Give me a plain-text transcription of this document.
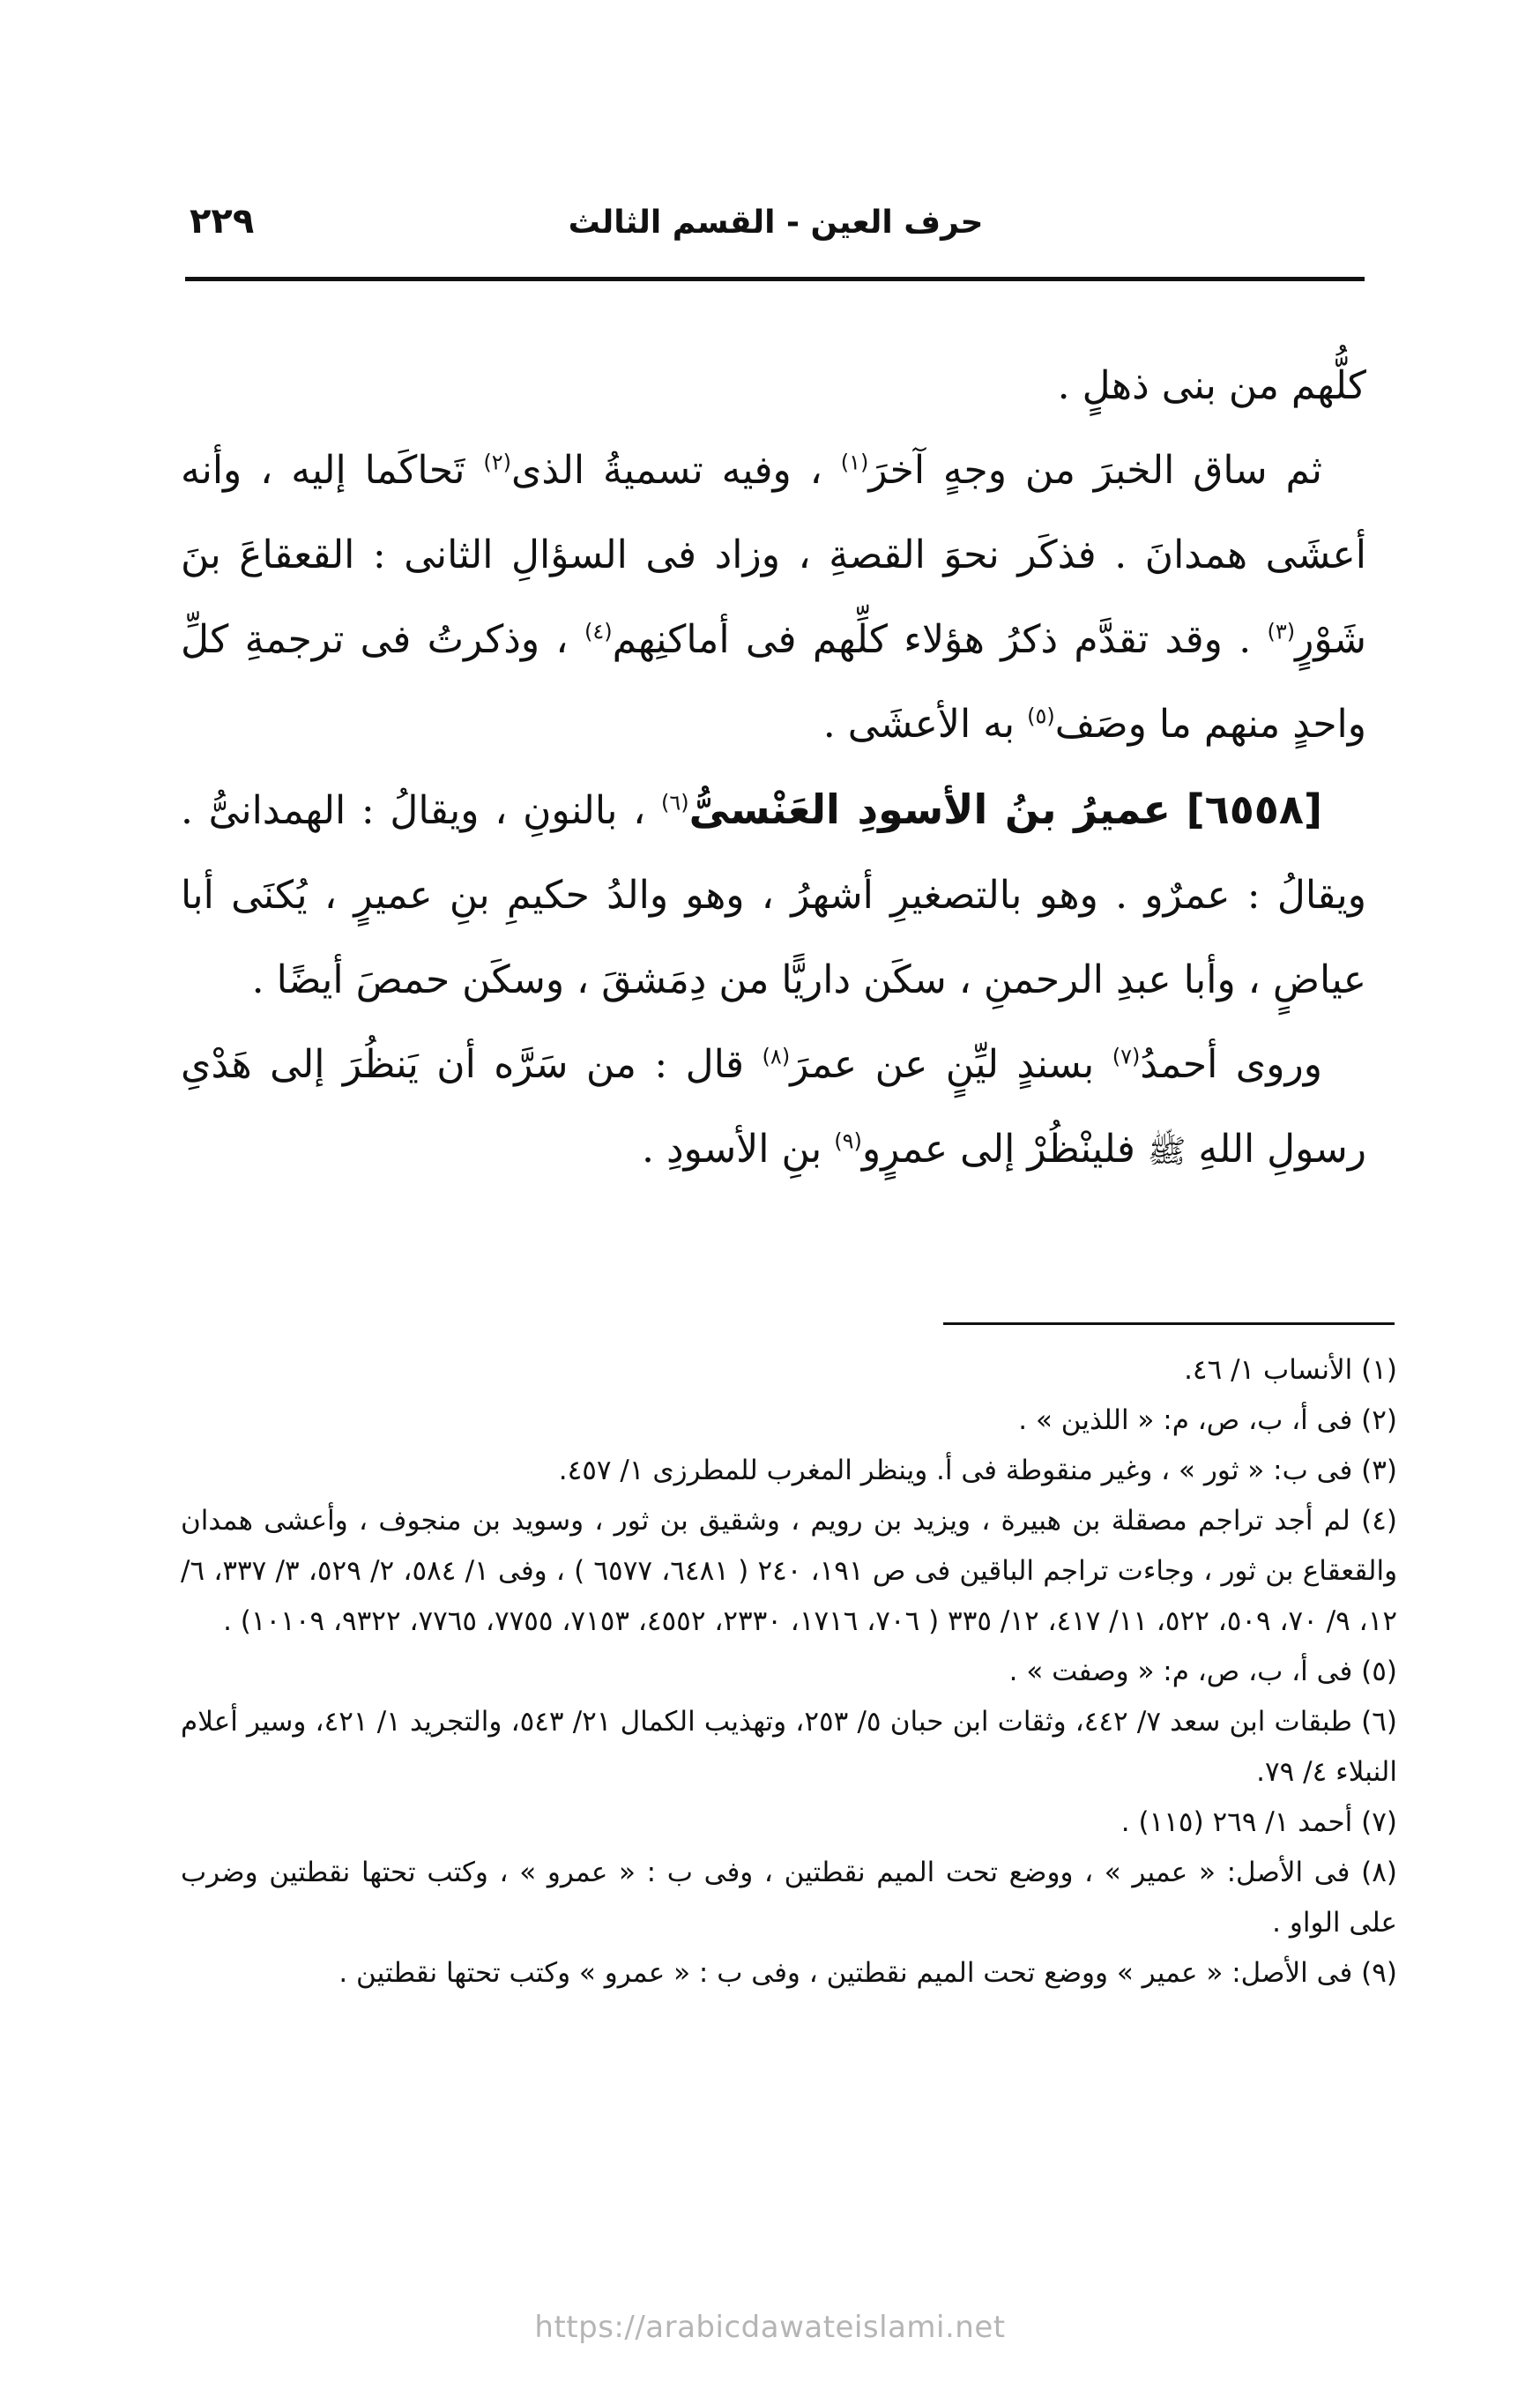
حرف العين - القسم الثالث
٢٢٩

كلُّهم من بنى ذهلٍ .

ثم ساق الخبرَ من وجهٍ آخرَ$^{(١)}$ ، وفيه تسميةُ الذى$^{(٢)}$ تَحاكَما إليه ، وأنه أعشَى همدانَ . فذكَر نحوَ القصةِ ، وزاد فى السؤالِ الثانى : القعقاعَ بنَ شَوْرٍ$^{(٣)}$ . وقد تقدَّم ذكرُ هؤلاء كلِّهم فى أماكنِهم$^{(٤)}$ ، وذكرتُ فى ترجمةِ كلِّ واحدٍ منهم ما وصَف$^{(٥)}$ به الأعشَى .

[٦٥٥٨] عميرُ بنُ الأسودِ العَنْسىُّ$^{(٦)}$ ، بالنونِ ، ويقالُ : الهمدانىُّ . ويقالُ : عمرٌو . وهو بالتصغيرِ أشهرُ ، وهو والدُ حكيمِ بنِ عميرٍ ، يُكنَى أبا عياضٍ ، وأبا عبدِ الرحمنِ ، سكَن داريًّا من دِمَشقَ ، وسكَن حمصَ أيضًا .

وروى أحمدُ$^{(٧)}$ بسندٍ ليِّنٍ عن عمرَ$^{(٨)}$ قال : من سَرَّه أن يَنظُرَ إلى هَدْىِ رسولِ اللهِ ﷺ فلينْظُرْ إلى عمرٍو$^{(٩)}$ بنِ الأسودِ .

(١) الأنساب ١/ ٤٦.

(٢) فى أ، ب، ص، م: « اللذين » .

(٣) فى ب: « ثور » ، وغير منقوطة فى أ. وينظر المغرب للمطرزى ١/ ٤٥٧.

(٤) لم أجد تراجم مصقلة بن هبيرة ، ويزيد بن رويم ، وشقيق بن ثور ، وسويد بن منجوف ، وأعشى همدان والقعقاع بن ثور ، وجاءت تراجم الباقين فى ص ١٩١، ٢٤٠ ( ٦٤٨١، ٦٥٧٧ ) ، وفى ١/ ٥٨٤، ٢/ ٥٢٩، ٣/ ٣٣٧، ٦/ ١٢، ٩/ ٧٠، ٥٠٩، ٥٢٢، ١١/ ٤١٧، ١٢/ ٣٣٥ ( ٧٠٦، ١٧١٦، ٢٣٣٠، ٤٥٥٢، ٧١٥٣، ٧٧٥٥، ٧٧٦٥، ٩٣٢٢، ١٠١٠٩) .

(٥) فى أ، ب، ص، م: « وصفت » .

(٦) طبقات ابن سعد ٧/ ٤٤٢، وثقات ابن حبان ٥/ ٢٥٣، وتهذيب الكمال ٢١/ ٥٤٣، والتجريد ١/ ٤٢١، وسير أعلام النبلاء ٤/ ٧٩.

(٧) أحمد ١/ ٢٦٩ (١١٥) .

(٨) فى الأصل: « عمير » ، ووضع تحت الميم نقطتين ، وفى ب : « عمرو » ، وكتب تحتها نقطتين وضرب على الواو .

(٩) فى الأصل: « عمير » ووضع تحت الميم نقطتين ، وفى ب : « عمرو » وكتب تحتها نقطتين .

https://arabicdawateislami.net
